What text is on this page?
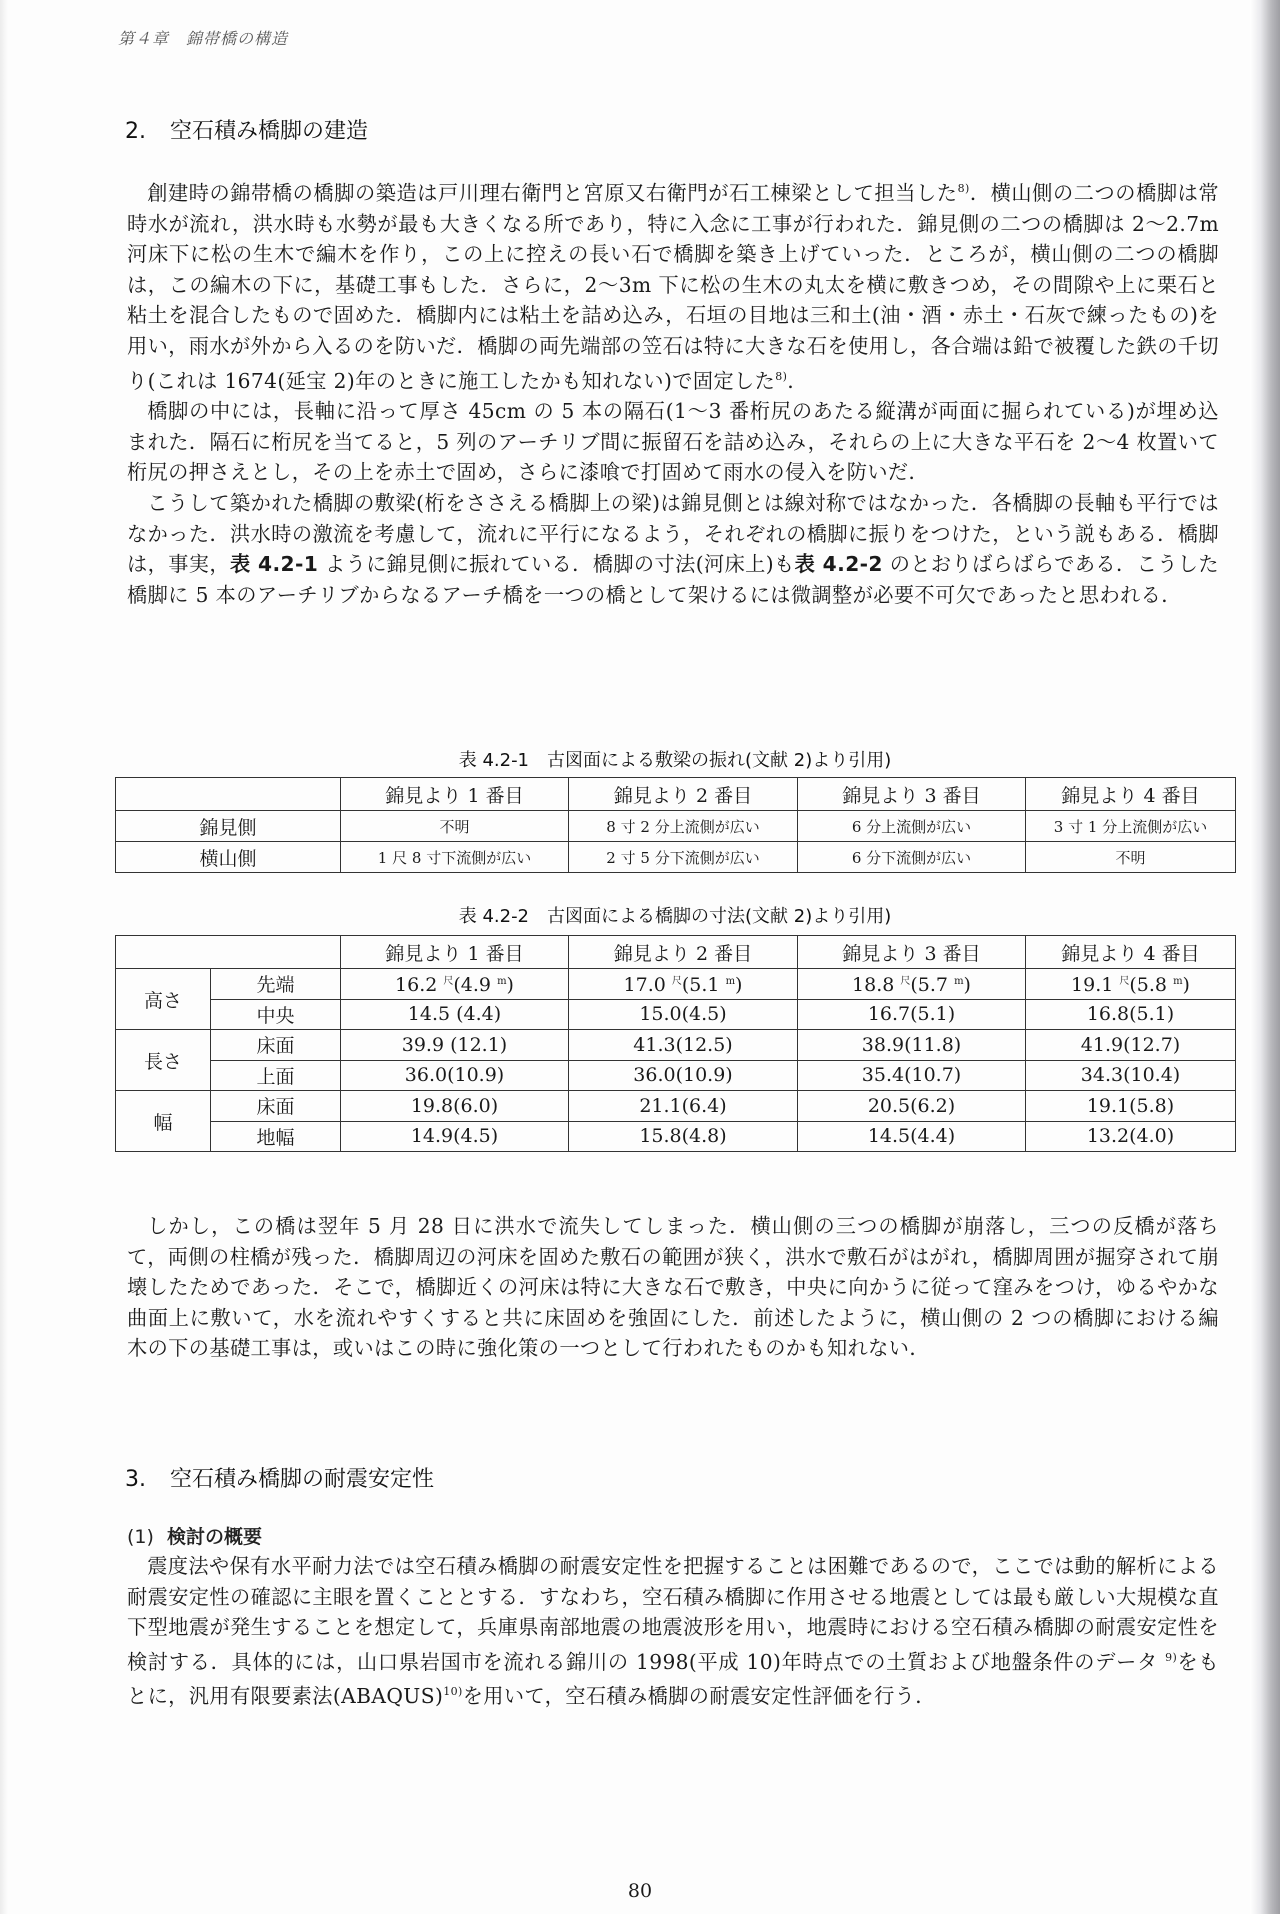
第４章　錦帯橋の構造
2. 空石積み橋脚の建造

創建時の錦帯橋の橋脚の築造は戸川理右衛門と宮原又右衛門が石工棟梁として担当した$^{8)}$．横山側の二つの橋脚は常時水が流れ，洪水時も水勢が最も大きくなる所であり，特に入念に工事が行われた．錦見側の二つの橋脚は 2～2.7m 河床下に松の生木で編木を作り，この上に控えの長い石で橋脚を築き上げていった．ところが，横山側の二つの橋脚は，この編木の下に，基礎工事もした．さらに，2～3m 下に松の生木の丸太を横に敷きつめ，その間隙や上に栗石と粘土を混合したもので固めた．橋脚内には粘土を詰め込み，石垣の目地は三和土(油・酒・赤土・石灰で練ったもの)を用い，雨水が外から入るのを防いだ．橋脚の両先端部の笠石は特に大きな石を使用し，各合端は鉛で被覆した鉄の千切り(これは 1674(延宝 2)年のときに施工したかも知れない)で固定した$^{8)}$．

橋脚の中には，長軸に沿って厚さ 45cm の 5 本の隔石(1～3 番桁尻のあたる縦溝が両面に掘られている)が埋め込まれた．隔石に桁尻を当てると，5 列のアーチリブ間に振留石を詰め込み，それらの上に大きな平石を 2～4 枚置いて桁尻の押さえとし，その上を赤土で固め，さらに漆喰で打固めて雨水の侵入を防いだ．

こうして築かれた橋脚の敷梁(桁をささえる橋脚上の梁)は錦見側とは線対称ではなかった．各橋脚の長軸も平行ではなかった．洪水時の激流を考慮して，流れに平行になるよう，それぞれの橋脚に振りをつけた，という説もある．橋脚は，事実，表 4.2-1 ように錦見側に振れている．橋脚の寸法(河床上)も表 4.2-2 のとおりばらばらである．こうした橋脚に 5 本のアーチリブからなるアーチ橋を一つの橋として架けるには微調整が必要不可欠であったと思われる．

表 4.2-1　古図面による敷梁の振れ(文献 2)より引用)
	錦見より 1 番目	錦見より 2 番目	錦見より 3 番目	錦見より 4 番目
錦見側	不明	8 寸 2 分上流側が広い	6 分上流側が広い	3 寸 1 分上流側が広い
横山側	1 尺 8 寸下流側が広い	2 寸 5 分下流側が広い	6 分下流側が広い	不明
表 4.2-2　古図面による橋脚の寸法(文献 2)より引用)
		錦見より 1 番目	錦見より 2 番目	錦見より 3 番目	錦見より 4 番目
高さ	先端	16.2 $^尺$(4.9 $^m$)	17.0 $^尺$(5.1 $^m$)	18.8 $^尺$(5.7 $^m$)	19.1 $^尺$(5.8 $^m$)
	中央	14.5 (4.4)	15.0(4.5)	16.7(5.1)	16.8(5.1)
長さ	床面	39.9 (12.1)	41.3(12.5)	38.9(11.8)	41.9(12.7)
	上面	36.0(10.9)	36.0(10.9)	35.4(10.7)	34.3(10.4)
幅	床面	19.8(6.0)	21.1(6.4)	20.5(6.2)	19.1(5.8)
	地幅	14.9(4.5)	15.8(4.8)	14.5(4.4)	13.2(4.0)

しかし，この橋は翌年 5 月 28 日に洪水で流失してしまった．横山側の三つの橋脚が崩落し，三つの反橋が落ちて，両側の柱橋が残った．橋脚周辺の河床を固めた敷石の範囲が狭く，洪水で敷石がはがれ，橋脚周囲が掘穿されて崩壊したためであった．そこで，橋脚近くの河床は特に大きな石で敷き，中央に向かうに従って窪みをつけ，ゆるやかな曲面上に敷いて，水を流れやすくすると共に床固めを強固にした．前述したように，横山側の 2 つの橋脚における編木の下の基礎工事は，或いはこの時に強化策の一つとして行われたものかも知れない．

3. 空石積み橋脚の耐震安定性
(1) 検討の概要

震度法や保有水平耐力法では空石積み橋脚の耐震安定性を把握することは困難であるので，ここでは動的解析による耐震安定性の確認に主眼を置くこととする．すなわち，空石積み橋脚に作用させる地震としては最も厳しい大規模な直下型地震が発生することを想定して，兵庫県南部地震の地震波形を用い，地震時における空石積み橋脚の耐震安定性を検討する．具体的には，山口県岩国市を流れる錦川の 1998(平成 10)年時点での土質および地盤条件のデータ $^{9)}$をもとに，汎用有限要素法(ABAQUS)$^{10)}$を用いて，空石積み橋脚の耐震安定性評価を行う．

80
